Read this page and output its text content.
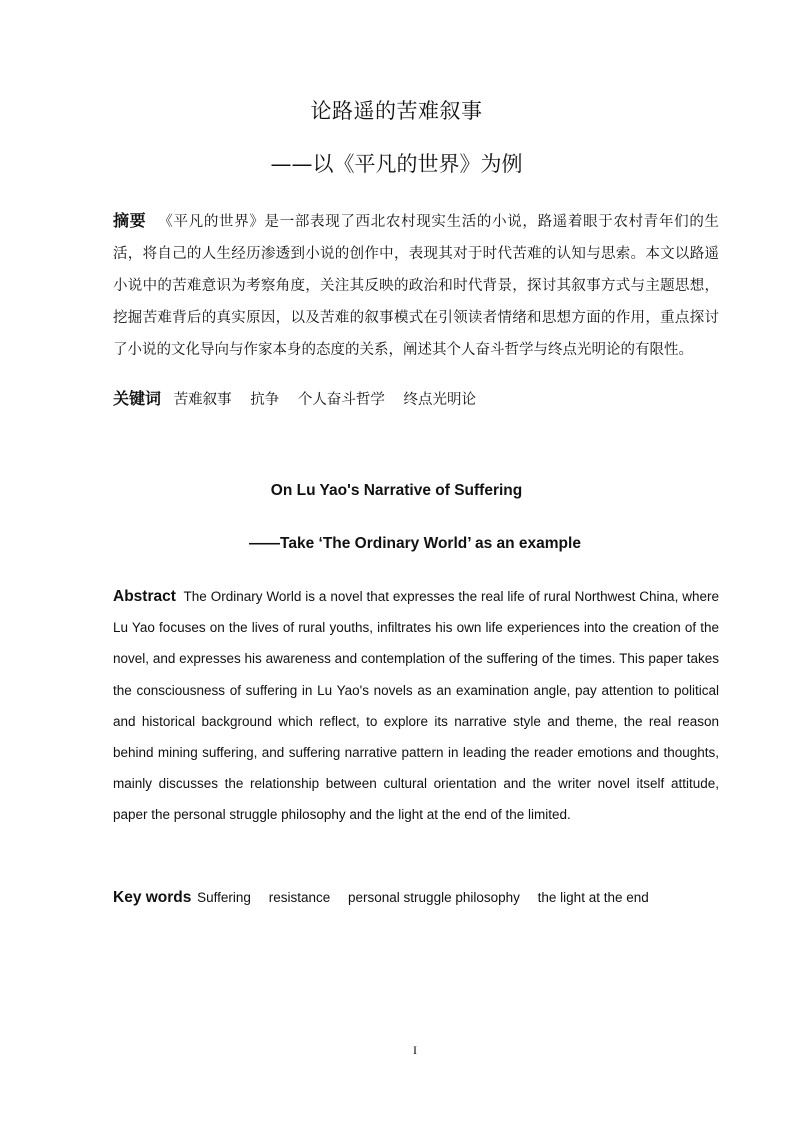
论路遥的苦难叙事
——以《平凡的世界》为例
摘要 《平凡的世界》是一部表现了西北农村现实生活的小说，路遥着眼于农村青年们的生活，将自己的人生经历渗透到小说的创作中，表现其对于时代苦难的认知与思索。本文以路遥小说中的苦难意识为考察角度，关注其反映的政治和时代背景，探讨其叙事方式与主题思想，挖掘苦难背后的真实原因，以及苦难的叙事模式在引领读者情绪和思想方面的作用，重点探讨了小说的文化导向与作家本身的态度的关系，阐述其个人奋斗哲学与终点光明论的有限性。
关键词 苦难叙事 抗争 个人奋斗哲学 终点光明论
On Lu Yao's Narrative of Suffering
——Take ‘The Ordinary World’ as an example
Abstract The Ordinary World is a novel that expresses the real life of rural Northwest China, where Lu Yao focuses on the lives of rural youths, infiltrates his own life experiences into the creation of the novel, and expresses his awareness and contemplation of the suffering of the times. This paper takes the consciousness of suffering in Lu Yao's novels as an examination angle, pay attention to political and historical background which reflect, to explore its narrative style and theme, the real reason behind mining suffering, and suffering narrative pattern in leading the reader emotions and thoughts, mainly discusses the relationship between cultural orientation and the writer novel itself attitude, paper the personal struggle philosophy and the light at the end of the limited.
Key words Suffering resistance personal struggle philosophy the light at the end
I
